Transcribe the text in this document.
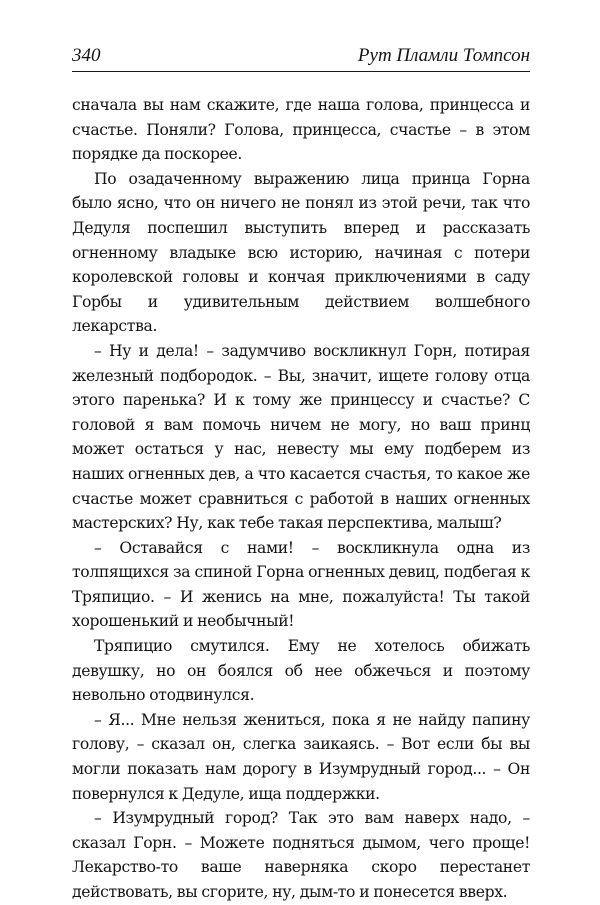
340	Рут Пламли Томпсон

сначала вы нам скажите, где наша голова, принцесса и счастье. Поняли? Голова, принцесса, счастье – в этом порядке да поскорее.

По озадаченному выражению лица принца Горна было ясно, что он ничего не понял из этой речи, так что Дедуля поспешил выступить вперед и рассказать огненному владыке всю историю, начиная с потери королевской головы и кончая приключениями в саду Горбы и удивительным действием волшебного лекарства.

– Ну и дела! – задумчиво воскликнул Горн, потирая железный подбородок. – Вы, значит, ищете голову отца этого паренька? И к тому же принцессу и счастье? С головой я вам помочь ничем не могу, но ваш принц может остаться у нас, невесту мы ему подберем из наших огненных дев, а что касается счастья, то какое же счастье может сравниться с работой в наших огненных мастерских? Ну, как тебе такая перспектива, малыш?

– Оставайся с нами! – воскликнула одна из толпящихся за спиной Горна огненных девиц, подбегая к Тряпицио. – И женись на мне, пожалуйста! Ты такой хорошенький и необычный!

Тряпицио смутился. Ему не хотелось обижать девушку, но он боялся об нее обжечься и поэтому невольно отодвинулся.

– Я... Мне нельзя жениться, пока я не найду папину голову, – сказал он, слегка заикаясь. – Вот если бы вы могли показать нам дорогу в Изумрудный город... – Он повернулся к Дедуле, ища поддержки.

– Изумрудный город? Так это вам наверх надо, – сказал Горн. – Можете подняться дымом, чего проще! Лекарство-то ваше наверняка скоро перестанет действовать, вы сгорите, ну, дым-то и понесется вверх.
